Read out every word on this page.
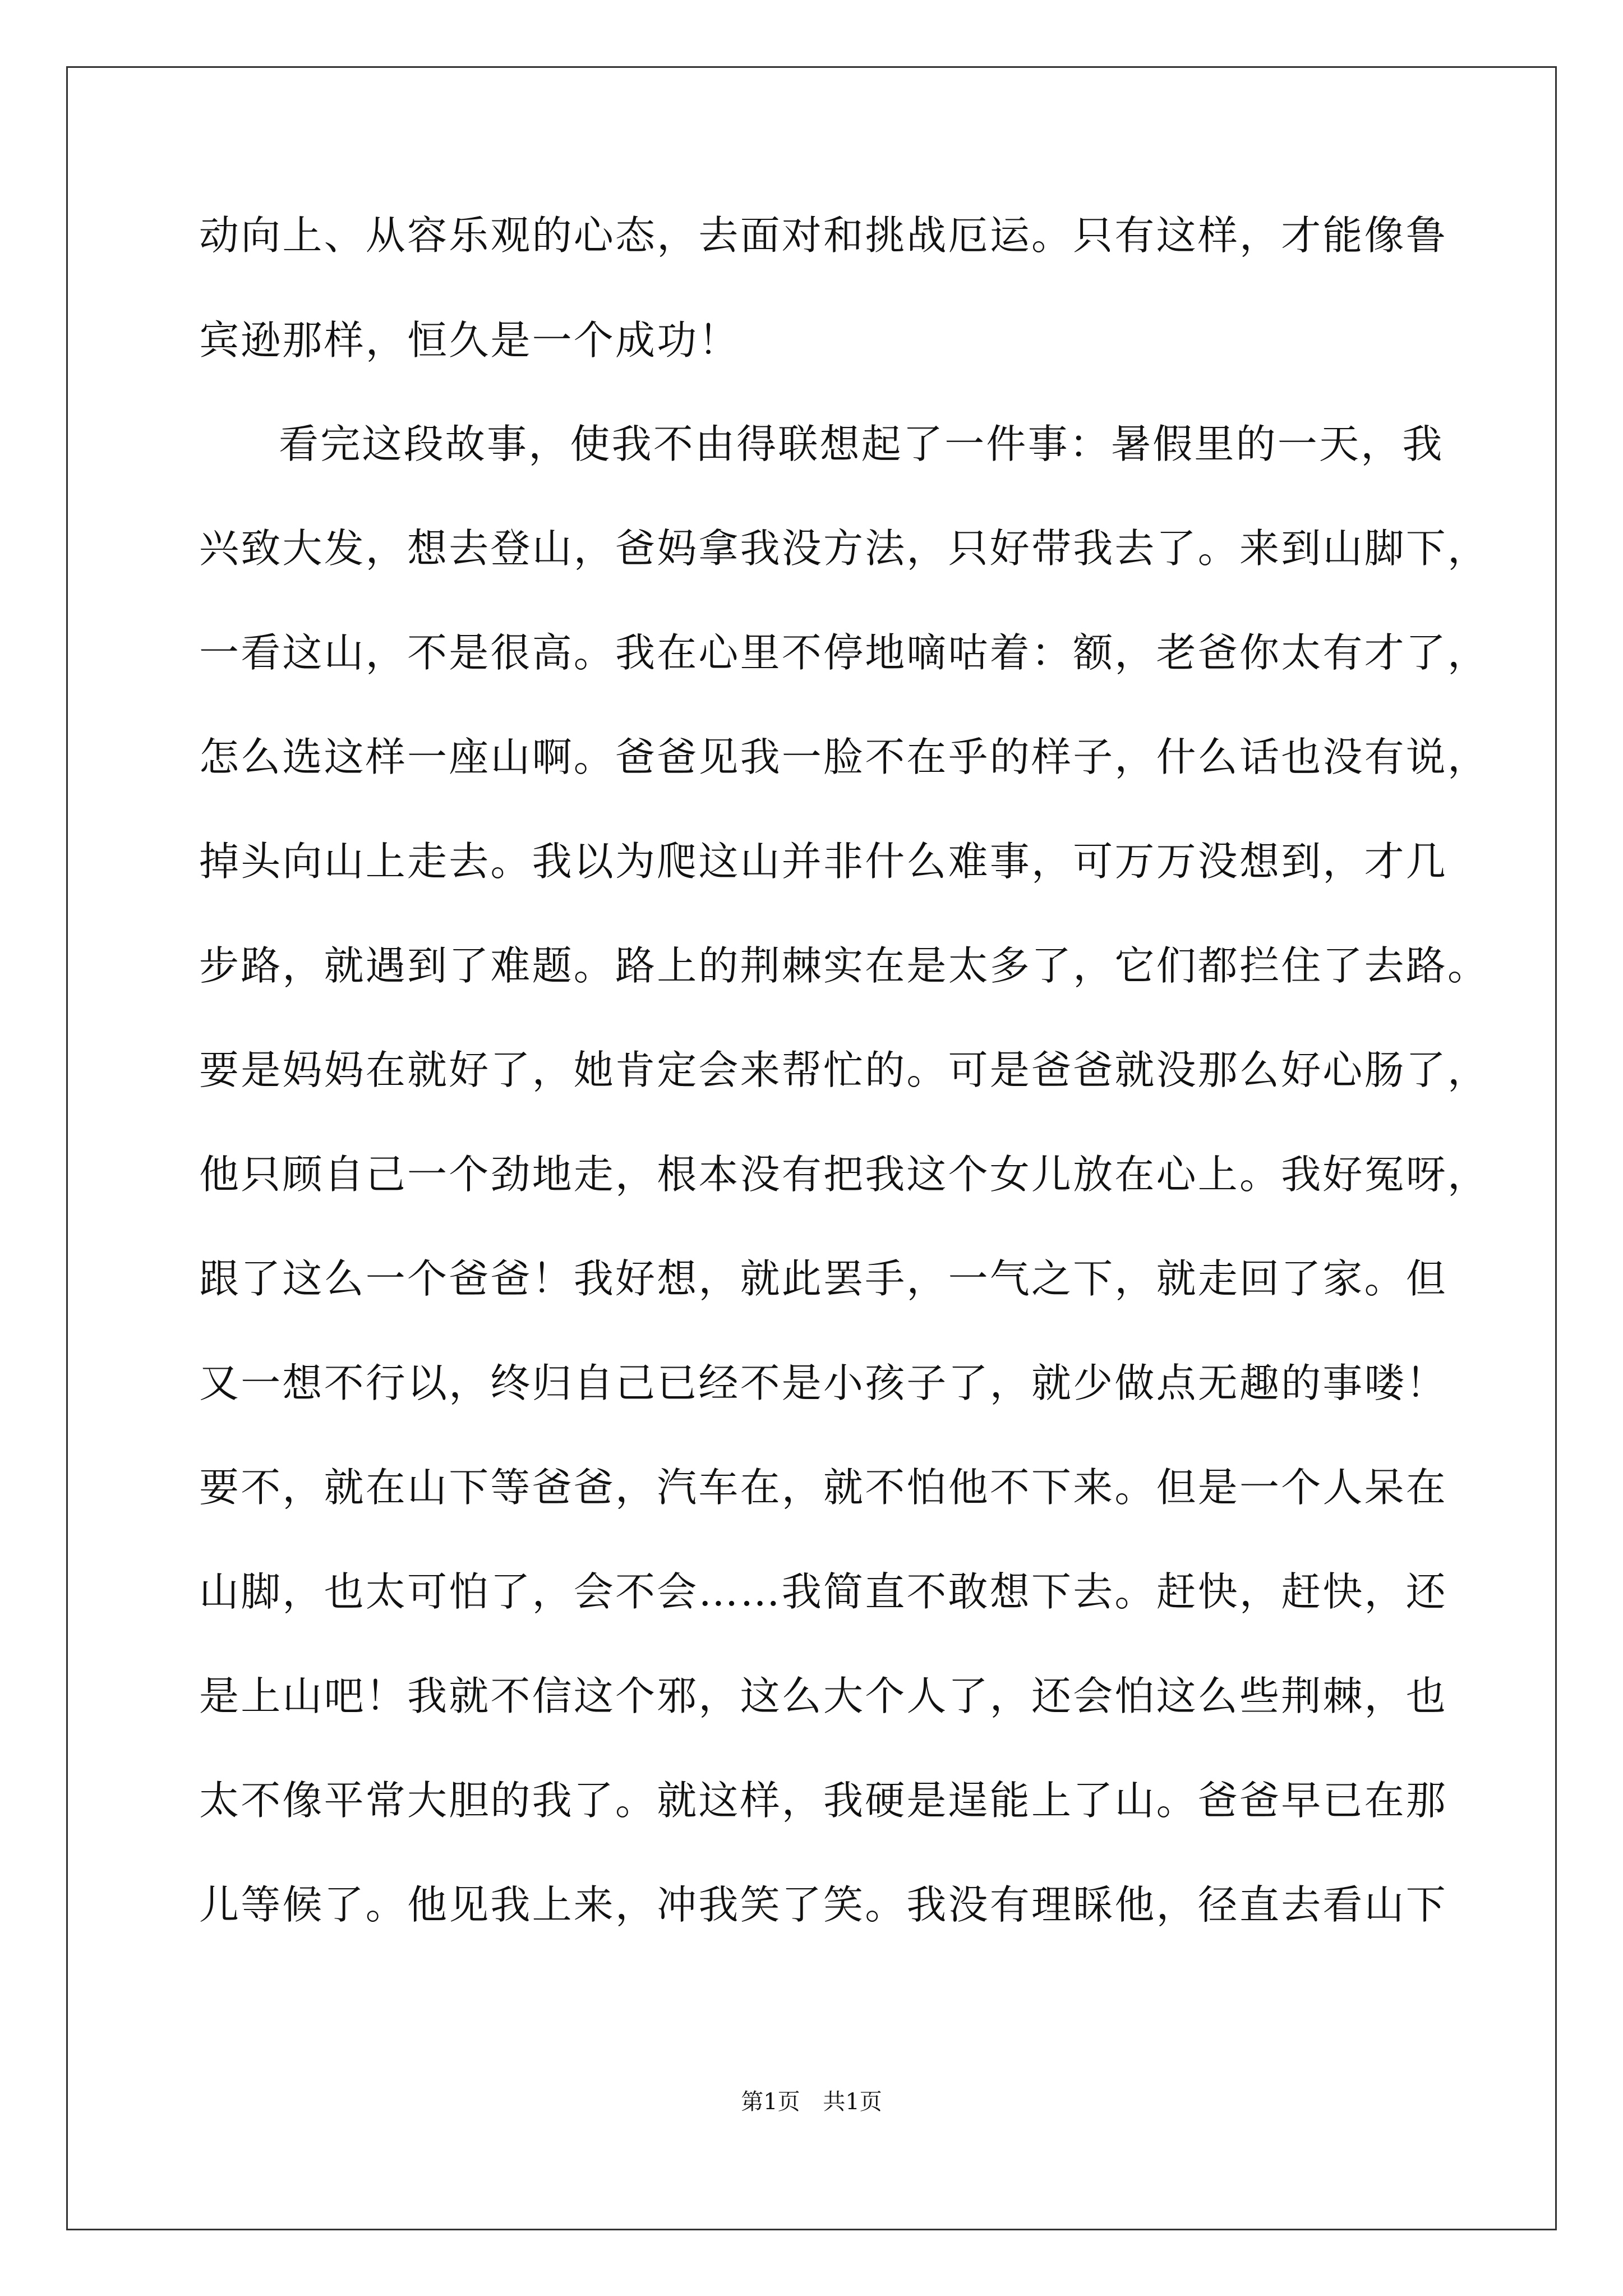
动向上、从容乐观的心态，去面对和挑战厄运。只有这样，才能像鲁
宾逊那样，恒久是一个成功！
看完这段故事，使我不由得联想起了一件事：暑假里的一天，我
兴致大发，想去登山，爸妈拿我没方法，只好带我去了。来到山脚下，
一看这山，不是很高。我在心里不停地嘀咕着：额，老爸你太有才了，
怎么选这样一座山啊。爸爸见我一脸不在乎的样子，什么话也没有说，
掉头向山上走去。我以为爬这山并非什么难事，可万万没想到，才几
步路，就遇到了难题。路上的荆棘实在是太多了，它们都拦住了去路。
要是妈妈在就好了，她肯定会来帮忙的。可是爸爸就没那么好心肠了，
他只顾自己一个劲地走，根本没有把我这个女儿放在心上。我好冤呀，
跟了这么一个爸爸！我好想，就此罢手，一气之下，就走回了家。但
又一想不行以，终归自己已经不是小孩子了，就少做点无趣的事喽！
要不，就在山下等爸爸，汽车在，就不怕他不下来。但是一个人呆在
山脚，也太可怕了，会不会……我简直不敢想下去。赶快，赶快，还
是上山吧！我就不信这个邪，这么大个人了，还会怕这么些荆棘，也
太不像平常大胆的我了。就这样，我硬是逞能上了山。爸爸早已在那
儿等候了。他见我上来，冲我笑了笑。我没有理睬他，径直去看山下
第1页 共1页
